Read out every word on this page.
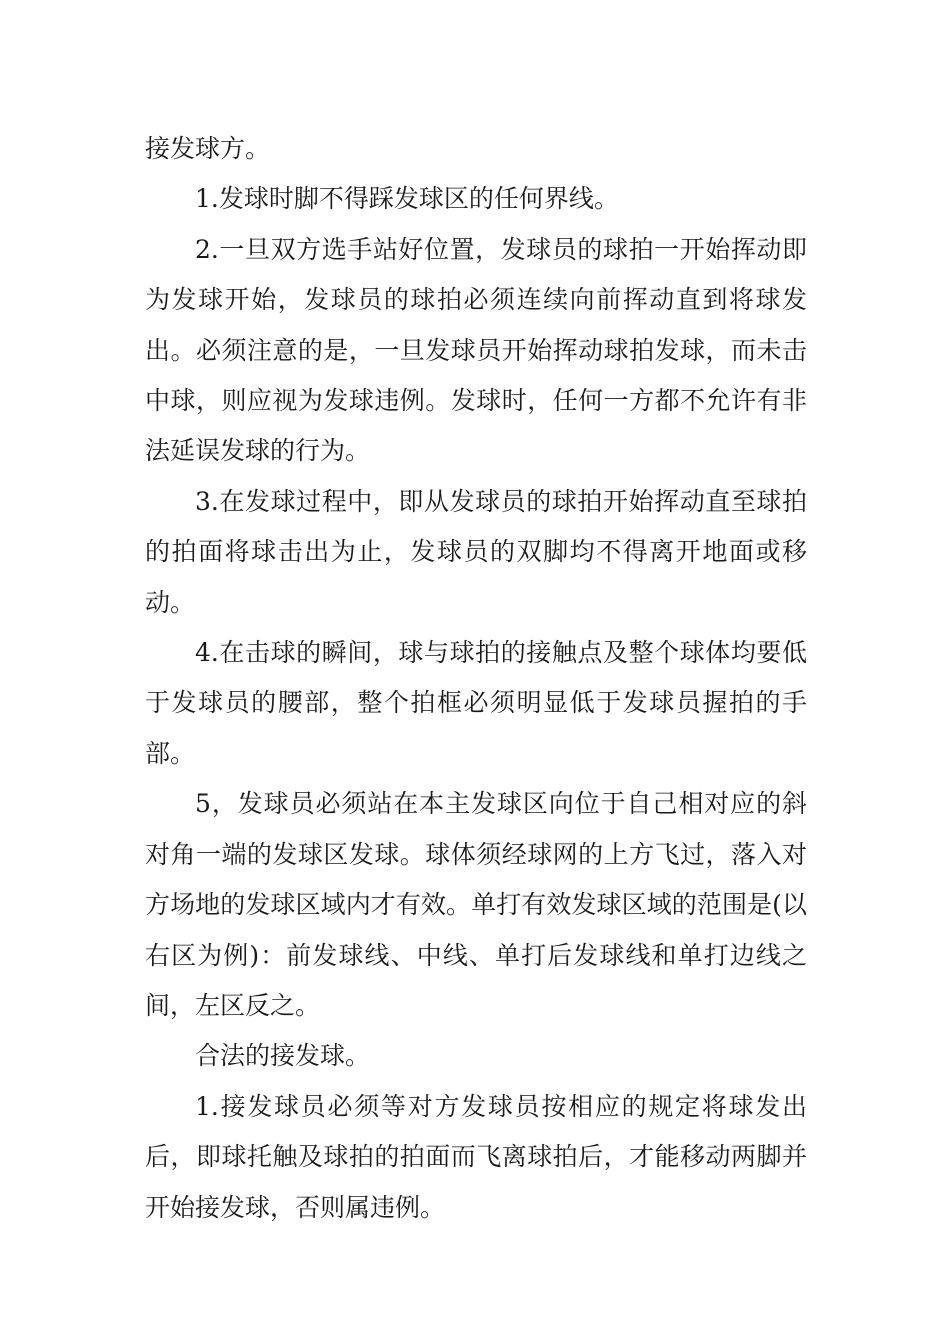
接发球方。

1.发球时脚不得踩发球区的任何界线。

2.一旦双方选手站好位置，发球员的球拍一开始挥动即为发球开始，发球员的球拍必须连续向前挥动直到将球发出。必须注意的是，一旦发球员开始挥动球拍发球，而未击中球，则应视为发球违例。发球时，任何一方都不允许有非法延误发球的行为。

3.在发球过程中，即从发球员的球拍开始挥动直至球拍的拍面将球击出为止，发球员的双脚均不得离开地面或移动。

4.在击球的瞬间，球与球拍的接触点及整个球体均要低于发球员的腰部，整个拍框必须明显低于发球员握拍的手部。

5，发球员必须站在本主发球区向位于自己相对应的斜对角一端的发球区发球。球体须经球网的上方飞过，落入对方场地的发球区域内才有效。单打有效发球区域的范围是(以右区为例)：前发球线、中线、单打后发球线和单打边线之间，左区反之。

合法的接发球。

1.接发球员必须等对方发球员按相应的规定将球发出后，即球托触及球拍的拍面而飞离球拍后，才能移动两脚并开始接发球，否则属违例。
